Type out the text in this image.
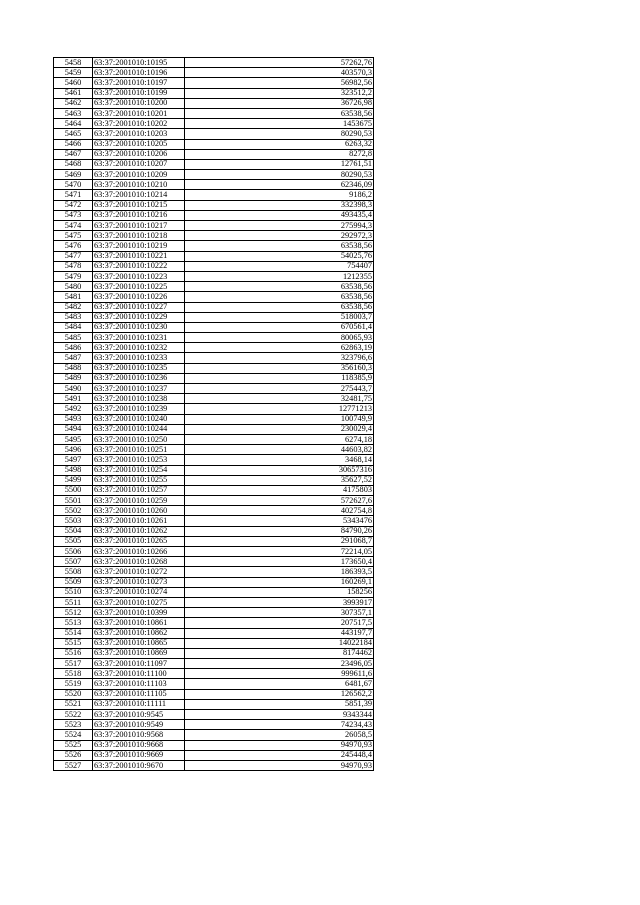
5458	63:37:2001010:10195	57262,76
5459	63:37:2001010:10196	403570,3
5460	63:37:2001010:10197	56982,56
5461	63:37:2001010:10199	323512,2
5462	63:37:2001010:10200	36726,98
5463	63:37:2001010:10201	63538,56
5464	63:37:2001010:10202	1453675
5465	63:37:2001010:10203	80290,53
5466	63:37:2001010:10205	6263,32
5467	63:37:2001010:10206	8272,8
5468	63:37:2001010:10207	12761,51
5469	63:37:2001010:10209	80290,53
5470	63:37:2001010:10210	62346,09
5471	63:37:2001010:10214	9186,2
5472	63:37:2001010:10215	332398,3
5473	63:37:2001010:10216	493435,4
5474	63:37:2001010:10217	275994,3
5475	63:37:2001010:10218	292972,3
5476	63:37:2001010:10219	63538,56
5477	63:37:2001010:10221	54025,76
5478	63:37:2001010:10222	754407
5479	63:37:2001010:10223	1212355
5480	63:37:2001010:10225	63538,56
5481	63:37:2001010:10226	63538,56
5482	63:37:2001010:10227	63538,56
5483	63:37:2001010:10229	518003,7
5484	63:37:2001010:10230	670561,4
5485	63:37:2001010:10231	80065,93
5486	63:37:2001010:10232	62863,19
5487	63:37:2001010:10233	323796,6
5488	63:37:2001010:10235	356160,3
5489	63:37:2001010:10236	118385,9
5490	63:37:2001010:10237	275443,7
5491	63:37:2001010:10238	32481,75
5492	63:37:2001010:10239	12771213
5493	63:37:2001010:10240	100749,9
5494	63:37:2001010:10244	230029,4
5495	63:37:2001010:10250	6274,18
5496	63:37:2001010:10251	44603,82
5497	63:37:2001010:10253	3468,14
5498	63:37:2001010:10254	30657316
5499	63:37:2001010:10255	35627,52
5500	63:37:2001010:10257	4175803
5501	63:37:2001010:10259	572627,6
5502	63:37:2001010:10260	402754,8
5503	63:37:2001010:10261	5343476
5504	63:37:2001010:10262	84790,26
5505	63:37:2001010:10265	291068,7
5506	63:37:2001010:10266	72214,05
5507	63:37:2001010:10268	173650,4
5508	63:37:2001010:10272	186393,5
5509	63:37:2001010:10273	160269,1
5510	63:37:2001010:10274	158256
5511	63:37:2001010:10275	3993917
5512	63:37:2001010:10399	307357,1
5513	63:37:2001010:10861	207517,5
5514	63:37:2001010:10862	443197,7
5515	63:37:2001010:10865	14022184
5516	63:37:2001010:10869	8174462
5517	63:37:2001010:11097	23496,05
5518	63:37:2001010:11100	999611,6
5519	63:37:2001010:11103	6481,67
5520	63:37:2001010:11105	126562,2
5521	63:37:2001010:11111	5851,39
5522	63:37:2001010:9545	9343344
5523	63:37:2001010:9549	74234,43
5524	63:37:2001010:9568	26058,5
5525	63:37:2001010:9668	94970,93
5526	63:37:2001010:9669	245448,4
5527	63:37:2001010:9670	94970,93
